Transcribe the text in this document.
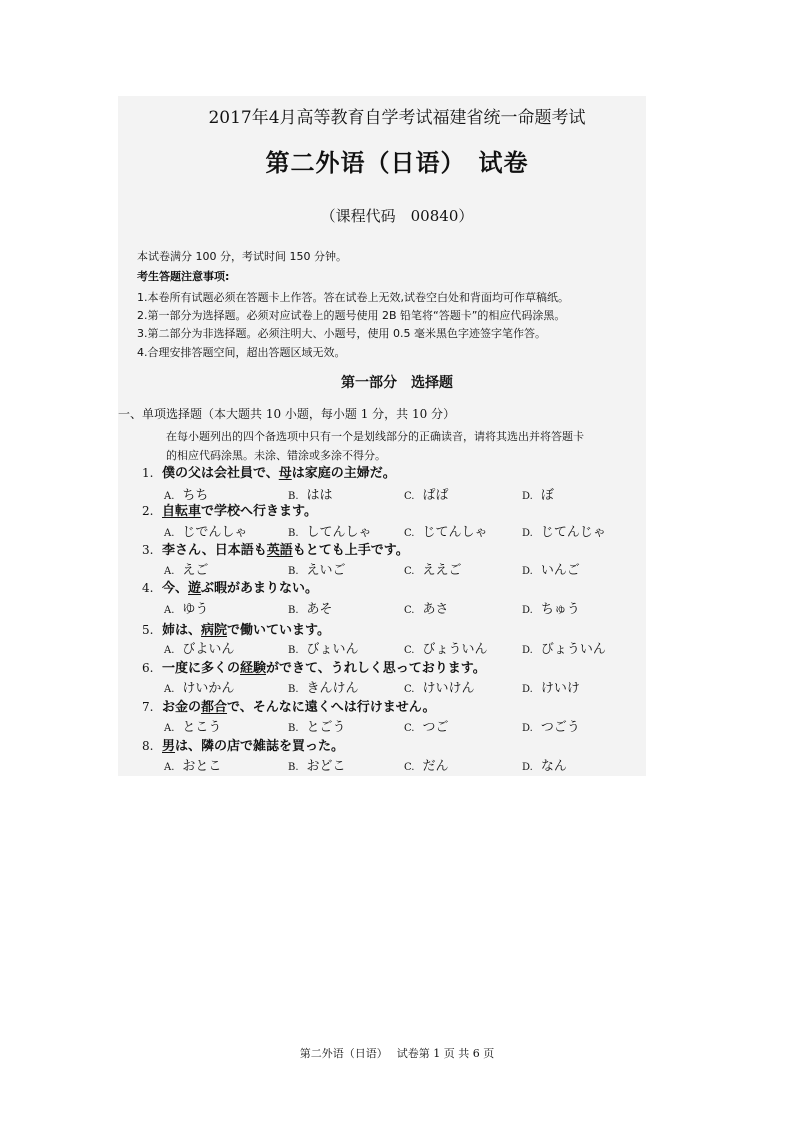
2017年4月高等教育自学考试福建省统一命题考试
第二外语（日语）　试卷
（课程代码　00840）
本试卷满分 100 分，考试时间 150 分钟。
考生答题注意事项:
1.本卷所有试题必须在答题卡上作答。答在试卷上无效,试卷空白处和背面均可作草稿纸。
2.第一部分为选择题。必须对应试卷上的题号使用 2B 铅笔将“答题卡”的相应代码涂黑。
3.第二部分为非选择题。必须注明大、小题号，使用 0.5 毫米黑色字迹签字笔作答。
4.合理安排答题空间，超出答题区域无效。
第一部分　选择题
一、单项选择题（本大题共 10 小题，每小题 1 分，共 10 分）
在每小题列出的四个备选项中只有一个是划线部分的正确读音，请将其选出并将答题卡
的相应代码涂黑。未涂、错涂或多涂不得分。
1. 僕の父は会社員で、母は家庭の主婦だ。
A. ちち	B. はは	C. ぱぱ	D. ぼ
2. 自転車で学校へ行きます。
A. じでんしゃ	B. してんしゃ	C. じてんしゃ	D. じてんじゃ
3. 李さん、日本語も英語もとても上手です。
A. えご	B. えいご	C. ええご	D. いんご
4. 今、遊ぶ暇があまりない。
A. ゆう	B. あそ	C. あさ	D. ちゅう
5. 姉は、病院で働いています。
A. びよいん	B. びょいん	C. びょういん	D. びょういん
6. 一度に多くの経験ができて、うれしく思っております。
A. けいかん	B. きんけん	C. けいけん	D. けいけ
7. お金の都合で、そんなに遠くへは行けません。
A. とこう	B. とごう	C. つご	D. つごう
8. 男は、隣の店で雑誌を買った。
A. おとこ	B. おどこ	C. だん	D. なん
第二外语（日语）　 试卷第 1 页 共 6 页
